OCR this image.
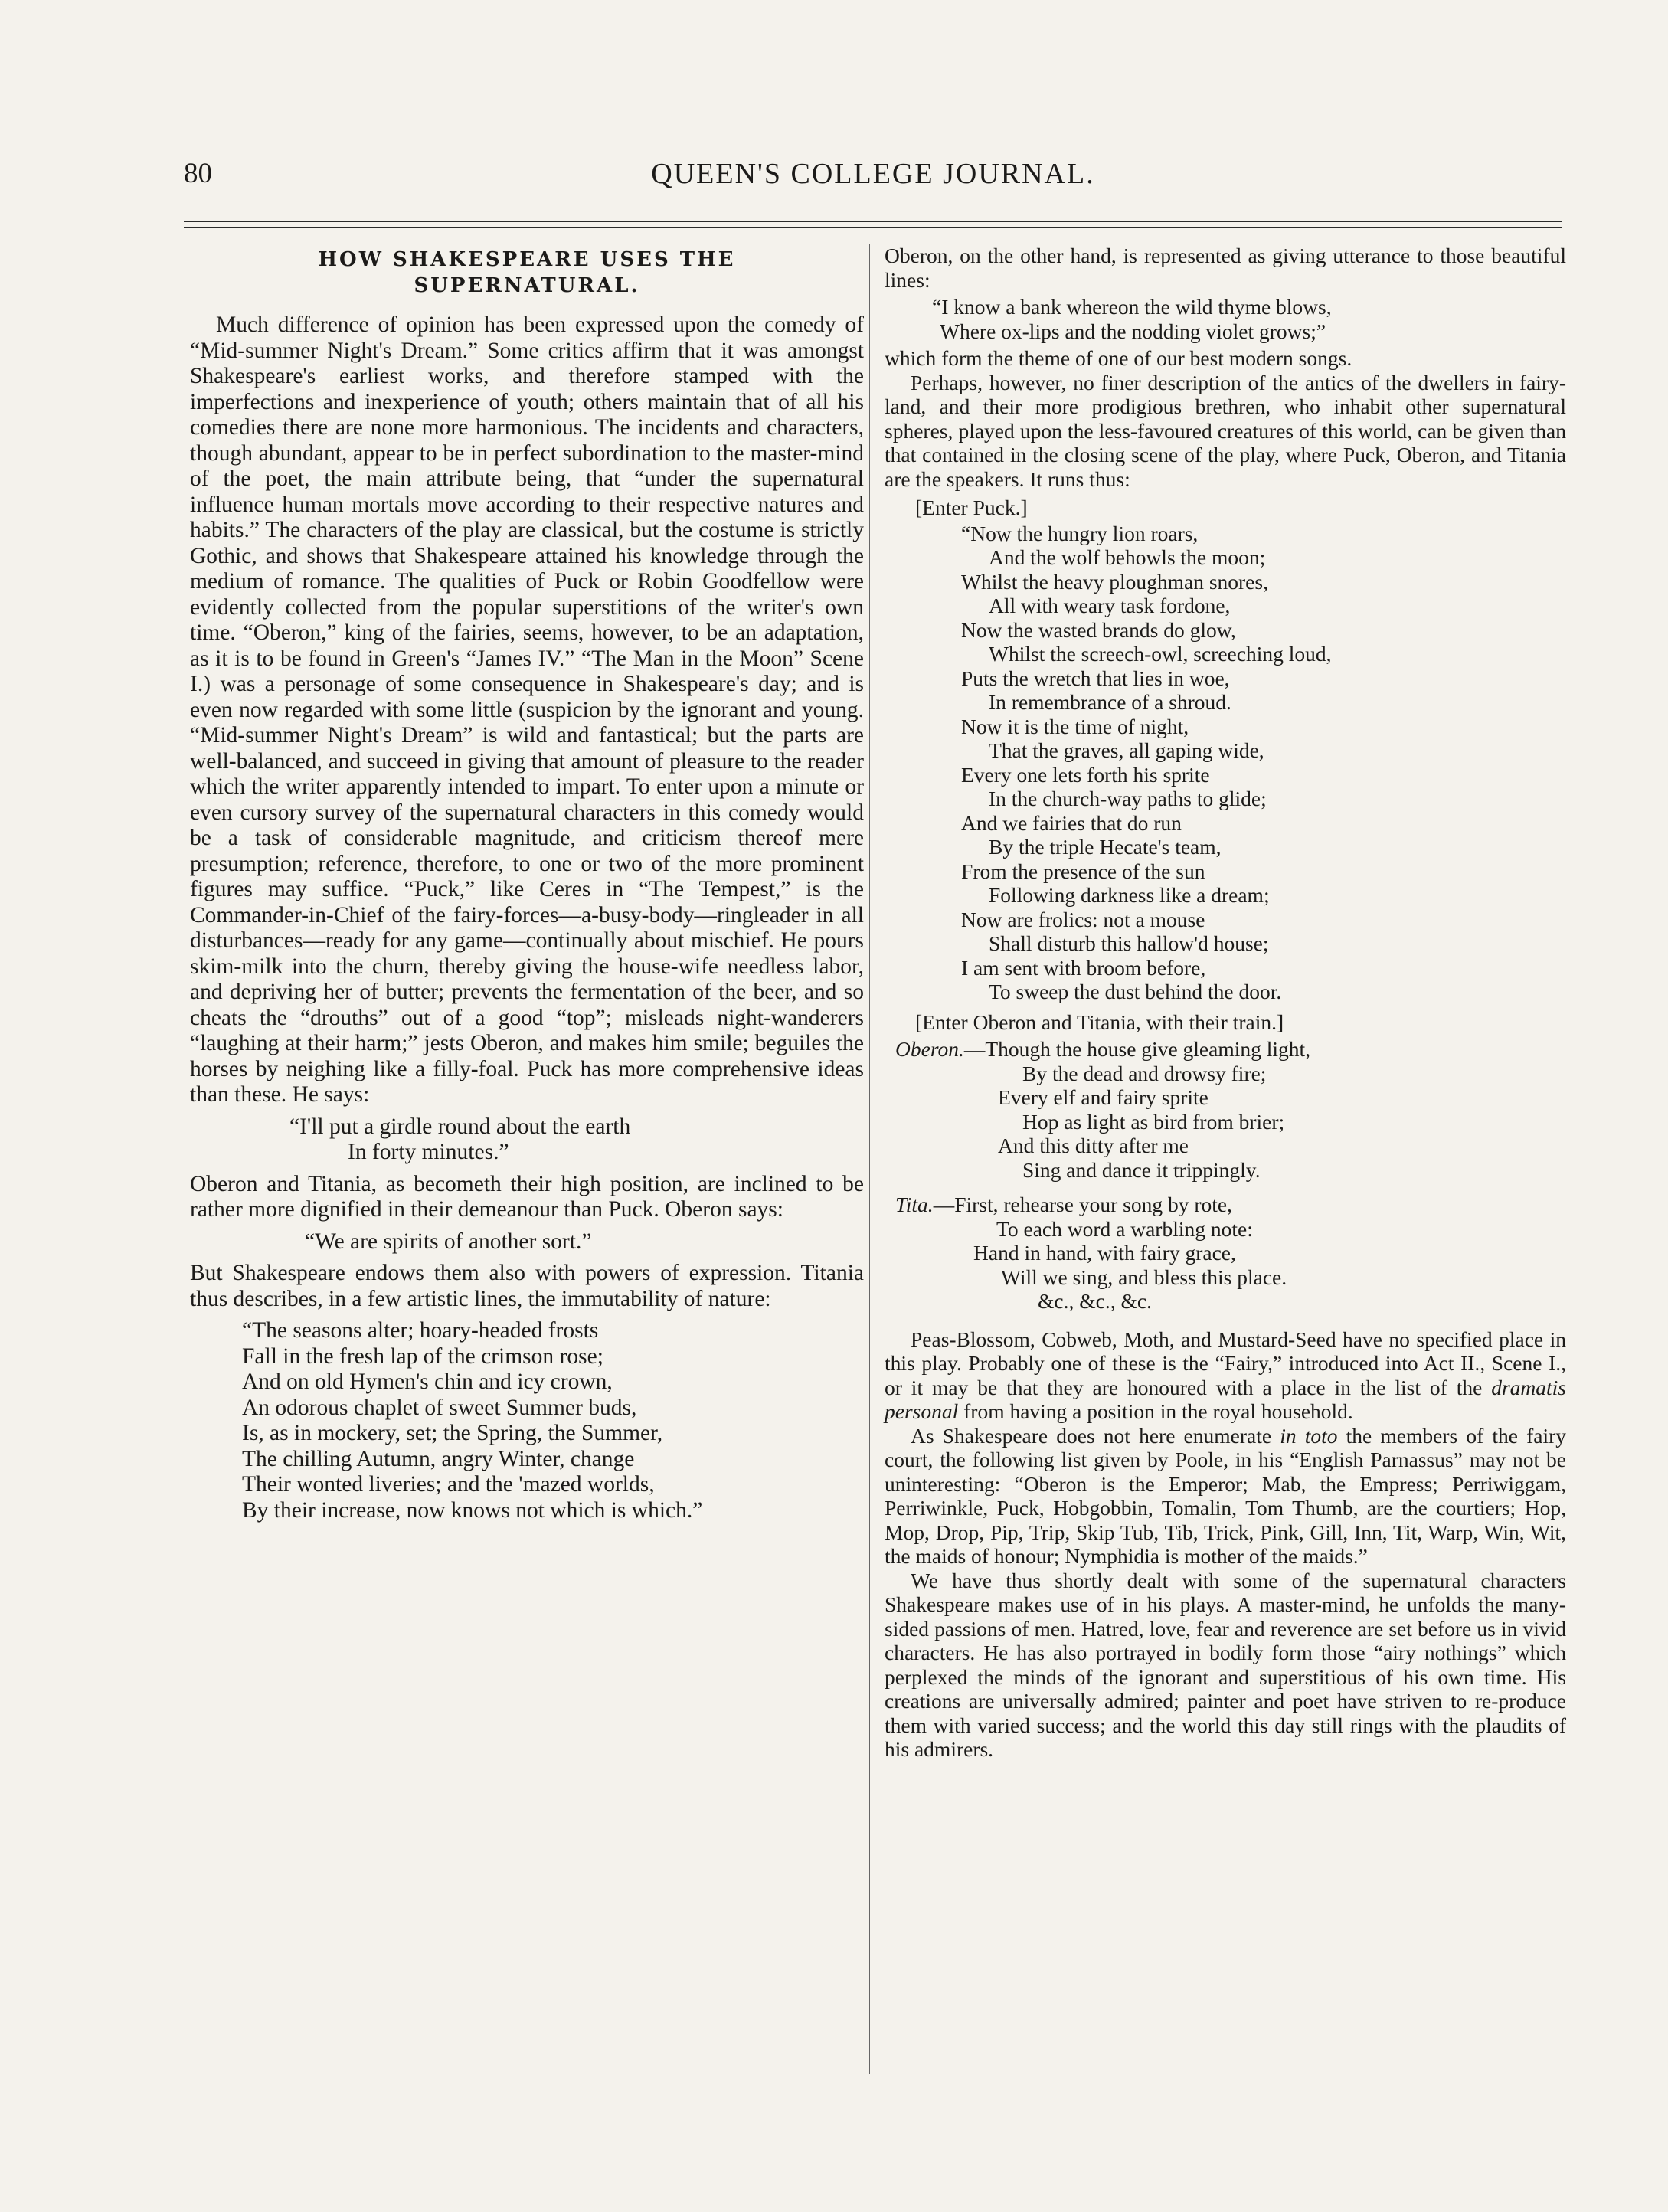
QUEEN'S COLLEGE JOURNAL.
80
HOW SHAKESPEARE USES THE
SUPERNATURAL.

Much difference of opinion has been expressed upon the comedy of “Mid-summer Night's Dream.” Some critics affirm that it was amongst Shakespeare's earliest works, and therefore stamped with the imperfections and inexperience of youth; others maintain that of all his comedies there are none more harmonious. The incidents and characters, though abundant, appear to be in perfect subordination to the master-mind of the poet, the main attribute being, that “under the supernatural influence human mortals move according to their respective natures and habits.” The characters of the play are classical, but the costume is strictly Gothic, and shows that Shakespeare attained his knowledge through the medium of romance. The qualities of Puck or Robin Goodfellow were evidently collected from the popular superstitions of the writer's own time. “Oberon,” king of the fairies, seems, however, to be an adaptation, as it is to be found in Green's “James IV.” “The Man in the Moon” Scene I.) was a personage of some consequence in Shakespeare's day; and is even now regarded with some little (suspicion by the ignorant and young. “Mid-summer Night's Dream” is wild and fantastical; but the parts are well-balanced, and succeed in giving that amount of pleasure to the reader which the writer apparently intended to impart. To enter upon a minute or even cursory survey of the supernatural characters in this comedy would be a task of considerable magnitude, and criticism thereof mere presumption; reference, therefore, to one or two of the more prominent figures may suffice. “Puck,” like Ceres in “The Tempest,” is the Commander-in-Chief of the fairy-forces—a-busy-body—ringleader in all disturbances—ready for any game—continually about mischief. He pours skim-milk into the churn, thereby giving the house-wife needless labor, and depriving her of butter; prevents the fermentation of the beer, and so cheats the “drouths” out of a good “top”; misleads night-wanderers “laughing at their harm;” jests Oberon, and makes him smile; beguiles the horses by neighing like a filly-foal. Puck has more comprehensive ideas than these. He says:

“I'll put a girdle round about the earth
In forty minutes.”

Oberon and Titania, as becometh their high position, are inclined to be rather more dignified in their demeanour than Puck. Oberon says:

“We are spirits of another sort.”

But Shakespeare endows them also with powers of expression. Titania thus describes, in a few artistic lines, the immutability of nature:

“The seasons alter; hoary-headed frosts
Fall in the fresh lap of the crimson rose;
And on old Hymen's chin and icy crown,
An odorous chaplet of sweet Summer buds,
Is, as in mockery, set; the Spring, the Summer,
The chilling Autumn, angry Winter, change
Their wonted liveries; and the 'mazed worlds,
By their increase, now knows not which is which.”

Oberon, on the other hand, is represented as giving utterance to those beautiful lines:

“I know a bank whereon the wild thyme blows,
Where ox-lips and the nodding violet grows;”

which form the theme of one of our best modern songs.

Perhaps, however, no finer description of the antics of the dwellers in fairy-land, and their more prodigious brethren, who inhabit other supernatural spheres, played upon the less-favoured creatures of this world, can be given than that contained in the closing scene of the play, where Puck, Oberon, and Titania are the speakers. It runs thus:

[Enter Puck.]
“Now the hungry lion roars,
And the wolf behowls the moon;
Whilst the heavy ploughman snores,
All with weary task fordone,
Now the wasted brands do glow,
Whilst the screech-owl, screeching loud,
Puts the wretch that lies in woe,
In remembrance of a shroud.
Now it is the time of night,
That the graves, all gaping wide,
Every one lets forth his sprite
In the church-way paths to glide;
And we fairies that do run
By the triple Hecate's team,
From the presence of the sun
Following darkness like a dream;
Now are frolics: not a mouse
Shall disturb this hallow'd house;
I am sent with broom before,
To sweep the dust behind the door.
[Enter Oberon and Titania, with their train.]
Oberon.—Though the house give gleaming light,
By the dead and drowsy fire;
Every elf and fairy sprite
Hop as light as bird from brier;
And this ditty after me
Sing and dance it trippingly.
Tita.—First, rehearse your song by rote,
To each word a warbling note:
Hand in hand, with fairy grace,
Will we sing, and bless this place.
&c., &c., &c.

Peas-Blossom, Cobweb, Moth, and Mustard-Seed have no specified place in this play. Probably one of these is the “Fairy,” introduced into Act II., Scene I., or it may be that they are honoured with a place in the list of the dramatis personal from having a position in the royal household.

As Shakespeare does not here enumerate in toto the members of the fairy court, the following list given by Poole, in his “English Parnassus” may not be uninteresting: “Oberon is the Emperor; Mab, the Empress; Perriwiggam, Perriwinkle, Puck, Hobgobbin, Tomalin, Tom Thumb, are the courtiers; Hop, Mop, Drop, Pip, Trip, Skip Tub, Tib, Trick, Pink, Gill, Inn, Tit, Warp, Win, Wit, the maids of honour; Nymphidia is mother of the maids.”

We have thus shortly dealt with some of the supernatural characters Shakespeare makes use of in his plays. A master-mind, he unfolds the many-sided passions of men. Hatred, love, fear and reverence are set before us in vivid characters. He has also portrayed in bodily form those “airy nothings” which perplexed the minds of the ignorant and superstitious of his own time. His creations are universally admired; painter and poet have striven to re-produce them with varied success; and the world this day still rings with the plaudits of his admirers.
